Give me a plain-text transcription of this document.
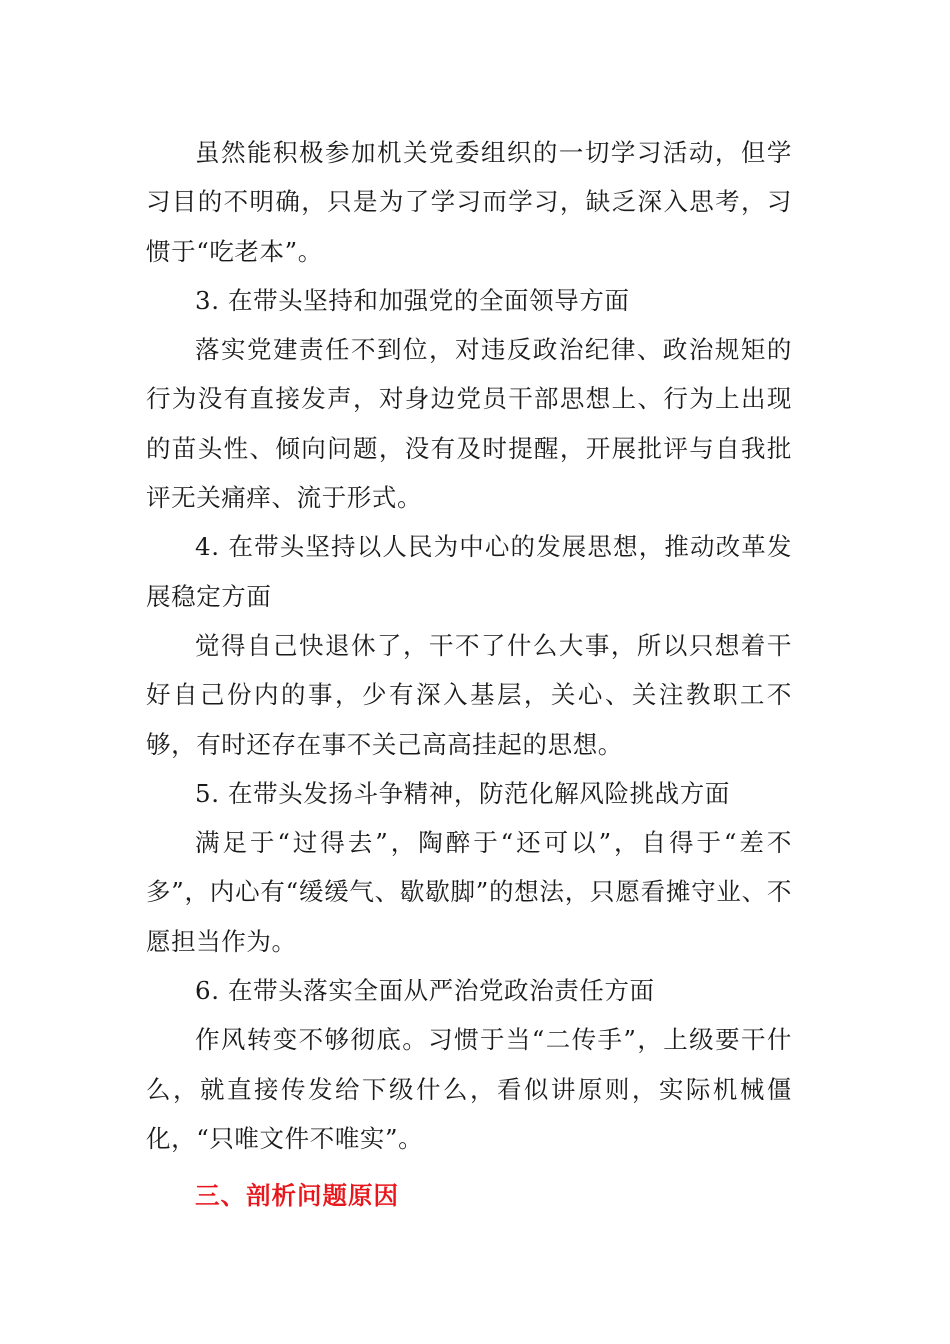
虽然能积极参加机关党委组织的一切学习活动，但学习目的不明确，只是为了学习而学习，缺乏深入思考，习惯于“吃老本”。

3. 在带头坚持和加强党的全面领导方面

落实党建责任不到位，对违反政治纪律、政治规矩的行为没有直接发声，对身边党员干部思想上、行为上出现的苗头性、倾向问题，没有及时提醒，开展批评与自我批评无关痛痒、流于形式。

4. 在带头坚持以人民为中心的发展思想，推动改革发展稳定方面

觉得自己快退休了，干不了什么大事，所以只想着干好自己份内的事，少有深入基层，关心、关注教职工不够，有时还存在事不关己高高挂起的思想。

5. 在带头发扬斗争精神，防范化解风险挑战方面

满足于“过得去”，陶醉于“还可以”，自得于“差不多”，内心有“缓缓气、歇歇脚”的想法，只愿看摊守业、不愿担当作为。

6. 在带头落实全面从严治党政治责任方面

作风转变不够彻底。习惯于当“二传手”，上级要干什么，就直接传发给下级什么，看似讲原则，实际机械僵化，“只唯文件不唯实”。

三、剖析问题原因
